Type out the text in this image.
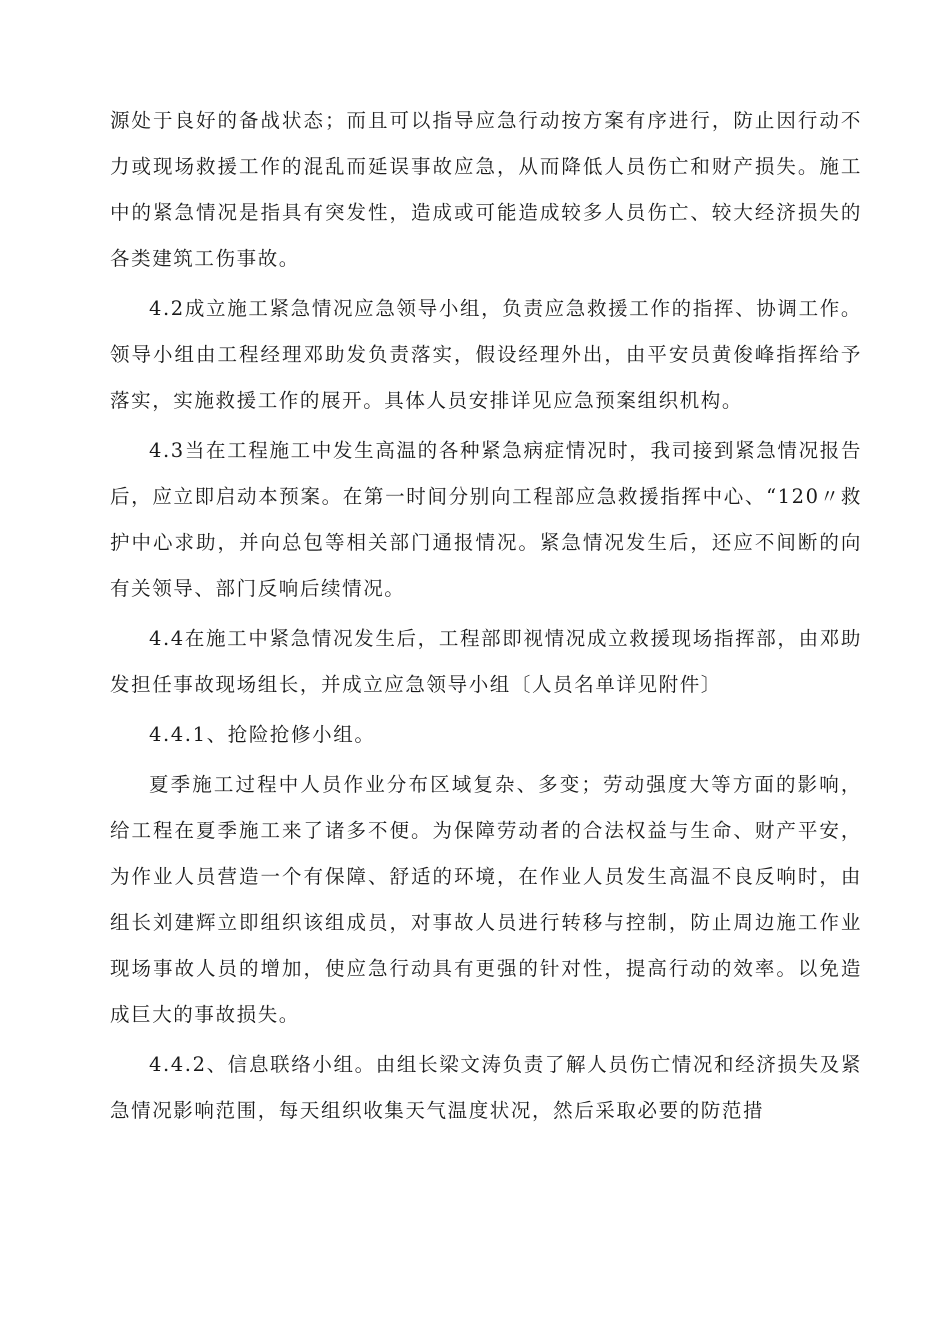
源处于良好的备战状态；而且可以指导应急行动按方案有序进行，防止因行动不力或现场救援工作的混乱而延误事故应急，从而降低人员伤亡和财产损失。施工中的紧急情况是指具有突发性，造成或可能造成较多人员伤亡、较大经济损失的各类建筑工伤事故。

4.2成立施工紧急情况应急领导小组，负责应急救援工作的指挥、协调工作。领导小组由工程经理邓助发负责落实，假设经理外出，由平安员黄俊峰指挥给予落实，实施救援工作的展开。具体人员安排详见应急预案组织机构。

4.3当在工程施工中发生高温的各种紧急病症情况时，我司接到紧急情况报告后，应立即启动本预案。在第一时间分别向工程部应急救援指挥中心、“120〃救护中心求助，并向总包等相关部门通报情况。紧急情况发生后，还应不间断的向有关领导、部门反响后续情况。

4.4在施工中紧急情况发生后，工程部即视情况成立救援现场指挥部，由邓助发担任事故现场组长，并成立应急领导小组〔人员名单详见附件〕

4.4.1、抢险抢修小组。

夏季施工过程中人员作业分布区域复杂、多变；劳动强度大等方面的影响，给工程在夏季施工来了诸多不便。为保障劳动者的合法权益与生命、财产平安，为作业人员营造一个有保障、舒适的环境，在作业人员发生高温不良反响时，由组长刘建辉立即组织该组成员，对事故人员进行转移与控制，防止周边施工作业现场事故人员的增加，使应急行动具有更强的针对性，提高行动的效率。以免造成巨大的事故损失。

4.4.2、信息联络小组。由组长梁文涛负责了解人员伤亡情况和经济损失及紧急情况影响范围，每天组织收集天气温度状况，然后采取必要的防范措
